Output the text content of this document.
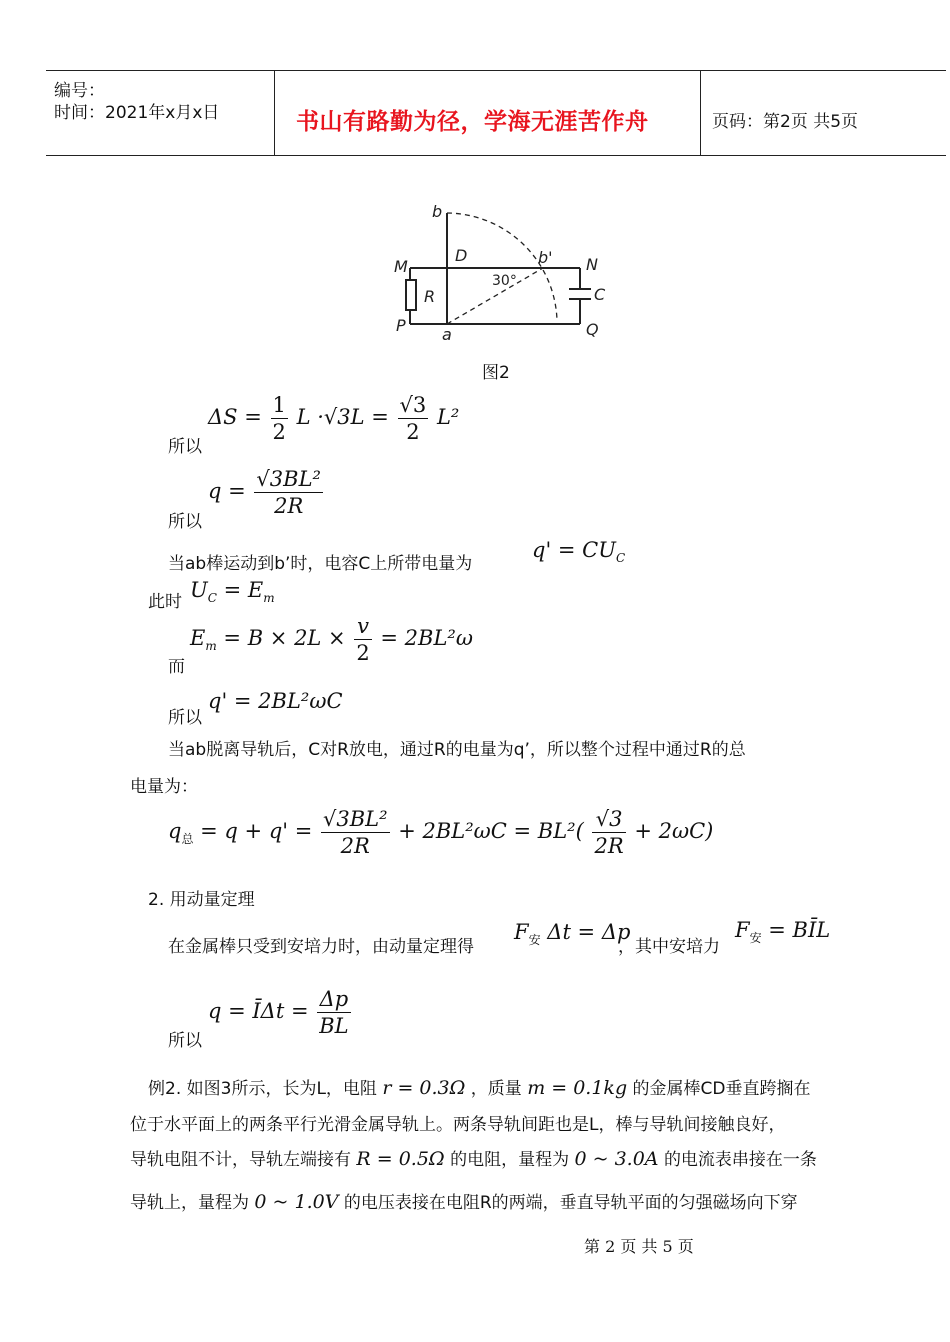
编号：
时间：2021年x月x日	书山有路勤为径，学海无涯苦作舟	页码：第2页 共5页
b
D	b'
M	N
R	C
P a	Q
30°
图2
所以
$\Delta S = \frac{1}{2}$ $L \cdot√3L = \frac{√3}{2} L^2$
所以
$q = \frac{\text{√3BL²}}{2R}$
当ab棒运动到b’时，电容C上所带电量为
$q' = CU_C$
此时 $U_C = E_m$
而
$E_m = B \times 2L \times \frac{v}{2} = 2BL^2\omega$
所以
q' = 2BL²ωC
当ab脱离导轨后，C对R放电，通过R的电量为q’，所以整个过程中通过R的总
电量为：
$q_总 = q + q' = \frac{\text{√3BL²}}{2R} + 2BL^2\omega C = BL^2( \frac{√3}{2R} + 2\omega C)$
2. 用动量定理
在金属棒只受到安培力时，由动量定理得
$F_安$ Δt = Δp
，其中安培力
$F_安$ = BĪL
所以
q = ĪΔt = $\frac{\Delta p}{BL}$
例2. 如图3所示，长为L，电阻 r = 0.3Ω ，质量 m = 0.1kg 的金属棒CD垂直跨搁在
位于水平面上的两条平行光滑金属导轨上。两条导轨间距也是L，棒与导轨间接触良好，
导轨电阻不计，导轨左端接有 R = 0.5Ω 的电阻，量程为 0 ~ 3.0A 的电流表串接在一条
导轨上，量程为 0 ~ 1.0V 的电压表接在电阻R的两端，垂直导轨平面的匀强磁场向下穿
第 2 页 共 5 页
